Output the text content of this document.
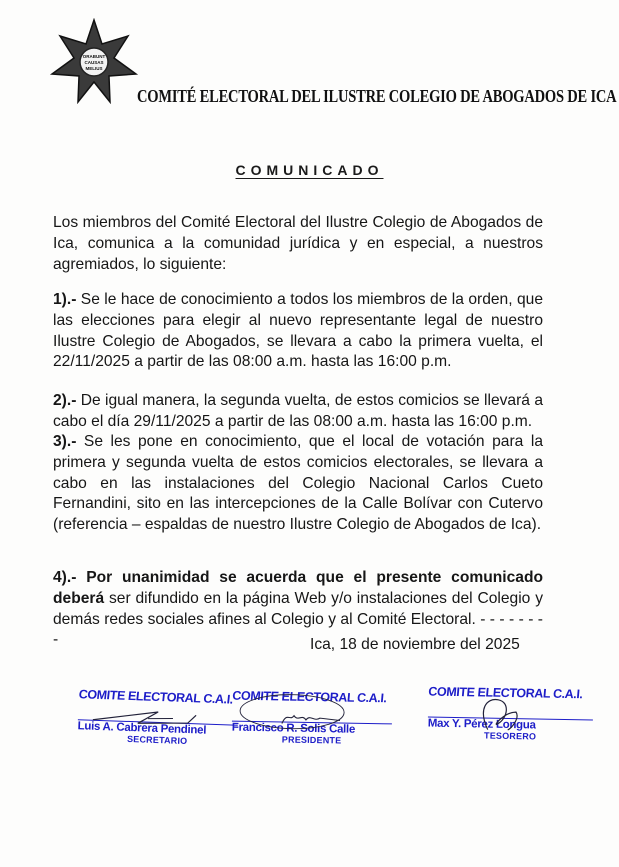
ORABUNT
CAUSAS
MELIUS
COMITÉ ELECTORAL DEL ILUSTRE COLEGIO DE ABOGADOS DE ICA
COMUNICADO
Los miembros del Comité Electoral del Ilustre Colegio de Abogados de Ica, comunica a la comunidad jurídica y en especial, a nuestros agremiados, lo siguiente:
1).- Se le hace de conocimiento a todos los miembros de la orden, que las elecciones para elegir al nuevo representante legal de nuestro Ilustre Colegio de Abogados, se llevara a cabo la primera vuelta, el 22/11/2025 a partir de las 08:00 a.m. hasta las 16:00 p.m.
2).- De igual manera, la segunda vuelta, de estos comicios se llevará a cabo el día 29/11/2025 a partir de las 08:00 a.m. hasta las 16:00 p.m.
3).- Se les pone en conocimiento, que el local de votación para la primera y segunda vuelta de estos comicios electorales, se llevara a cabo en las instalaciones del Colegio Nacional Carlos Cueto Fernandini, sito en las intercepciones de la Calle Bolívar con Cutervo (referencia – espaldas de nuestro Ilustre Colegio de Abogados de Ica).
4).- Por unanimidad se acuerda que el presente comunicado deberá ser difundido en la página Web y/o instalaciones del Colegio y demás redes sociales afines al Colegio y al Comité Electoral. - - - - - - - -	Ica, 18 de noviembre del 2025
COMITE ELECTORAL C.A.I.
Luis A. Cabrera Pendinel
SECRETARIO
COMITE ELECTORAL C.A.I.
Francisco R. Solis Calle
PRESIDENTE
COMITE ELECTORAL C.A.I.
Max Y. Pérez Longua
TESORERO
